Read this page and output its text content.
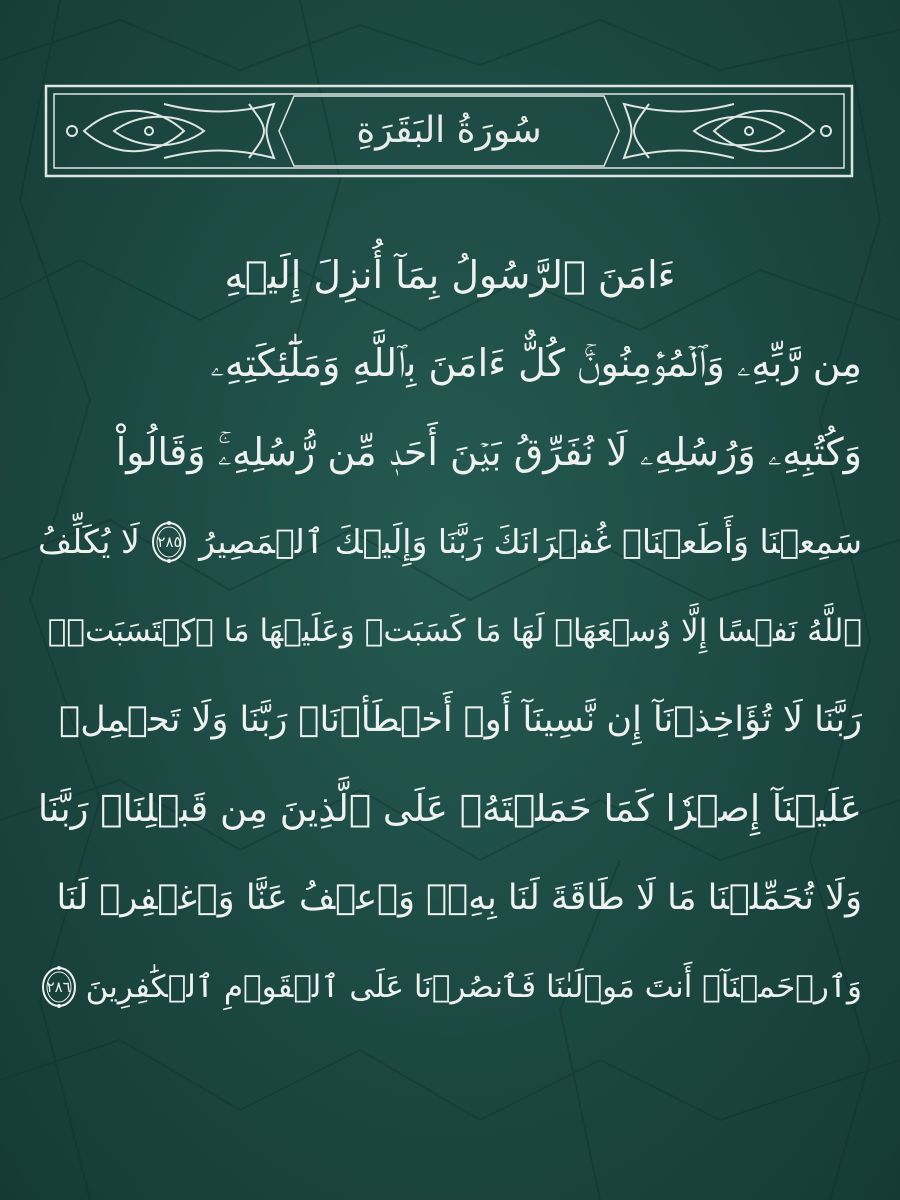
سُورَةُ البَقَرَةِ
ءَامَنَ ٱلرَّسُولُ بِمَآ أُنزِلَ إِلَيۡهِ
مِن رَّبِّهِۦ وَٱلۡمُؤۡمِنُونَۚ كُلٌّ ءَامَنَ بِٱللَّهِ وَمَلَٰٓئِكَتِهِۦ
وَكُتُبِهِۦ وَرُسُلِهِۦ لَا نُفَرِّقُ بَيۡنَ أَحَدٖ مِّن رُّسُلِهِۦۚ وَقَالُواْ
سَمِعۡنَا وَأَطَعۡنَاۖ غُفۡرَانَكَ رَبَّنَا وَإِلَيۡكَ ٱلۡمَصِيرُ
٢٨٥
لَا يُكَلِّفُ
ٱللَّهُ نَفۡسًا إِلَّا وُسۡعَهَاۚ لَهَا مَا كَسَبَتۡ وَعَلَيۡهَا مَا ٱكۡتَسَبَتۡۗ
رَبَّنَا لَا تُؤَاخِذۡنَآ إِن نَّسِينَآ أَوۡ أَخۡطَأۡنَاۚ رَبَّنَا وَلَا تَحۡمِلۡ
عَلَيۡنَآ إِصۡرٗا كَمَا حَمَلۡتَهُۥ عَلَى ٱلَّذِينَ مِن قَبۡلِنَاۚ رَبَّنَا
وَلَا تُحَمِّلۡنَا مَا لَا طَاقَةَ لَنَا بِهِۦۖ وَٱعۡفُ عَنَّا وَٱغۡفِرۡ لَنَا
وَٱرۡحَمۡنَآۚ أَنتَ مَوۡلَىٰنَا فَٱنصُرۡنَا عَلَى ٱلۡقَوۡمِ ٱلۡكَٰفِرِينَ
٢٨٦
